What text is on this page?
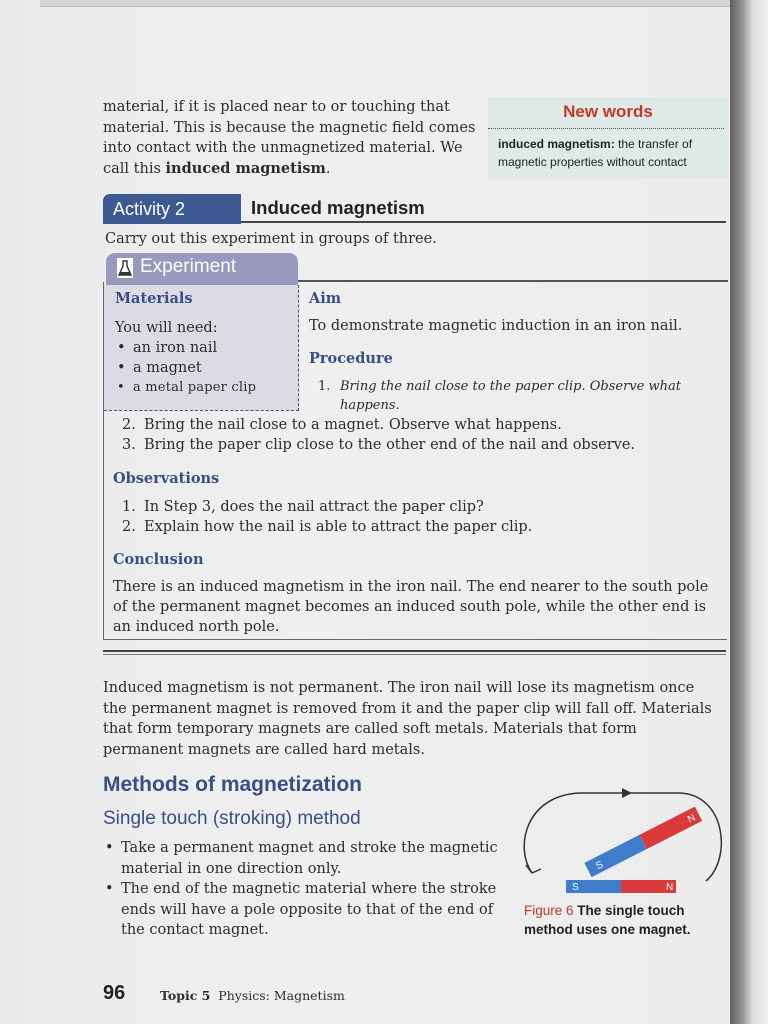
material, if it is placed near to or touching that
material. This is because the magnetic field comes
into contact with the unmagnetized material. We
call this induced magnetism.
New words
induced magnetism: the transfer of
magnetic properties without contact
Activity 2	Induced magnetism
Carry out this experiment in groups of three.
Experiment
Materials
You will need:
• an iron nail
• a magnet
• a metal paper clip
Aim
To demonstrate magnetic induction in an iron nail.
Procedure
1. Bring the nail close to the paper clip. Observe what
happens.
2. Bring the nail close to a magnet. Observe what happens.
3. Bring the paper clip close to the other end of the nail and observe.
Observations
1. In Step 3, does the nail attract the paper clip?
2. Explain how the nail is able to attract the paper clip.
Conclusion
There is an induced magnetism in the iron nail. The end nearer to the south pole
of the permanent magnet becomes an induced south pole, while the other end is
an induced north pole.
Induced magnetism is not permanent. The iron nail will lose its magnetism once
the permanent magnet is removed from it and the paper clip will fall off. Materials
that form temporary magnets are called soft metals. Materials that form
permanent magnets are called hard metals.
Methods of magnetization
Single touch (stroking) method
• Take a permanent magnet and stroke the magnetic
material in one direction only.
• The end of the magnetic material where the stroke
ends will have a pole opposite to that of the end of
the contact magnet.
S
N
S	N
Figure 6 The single touch
method uses one magnet.
96	Topic 5  Physics: Magnetism
